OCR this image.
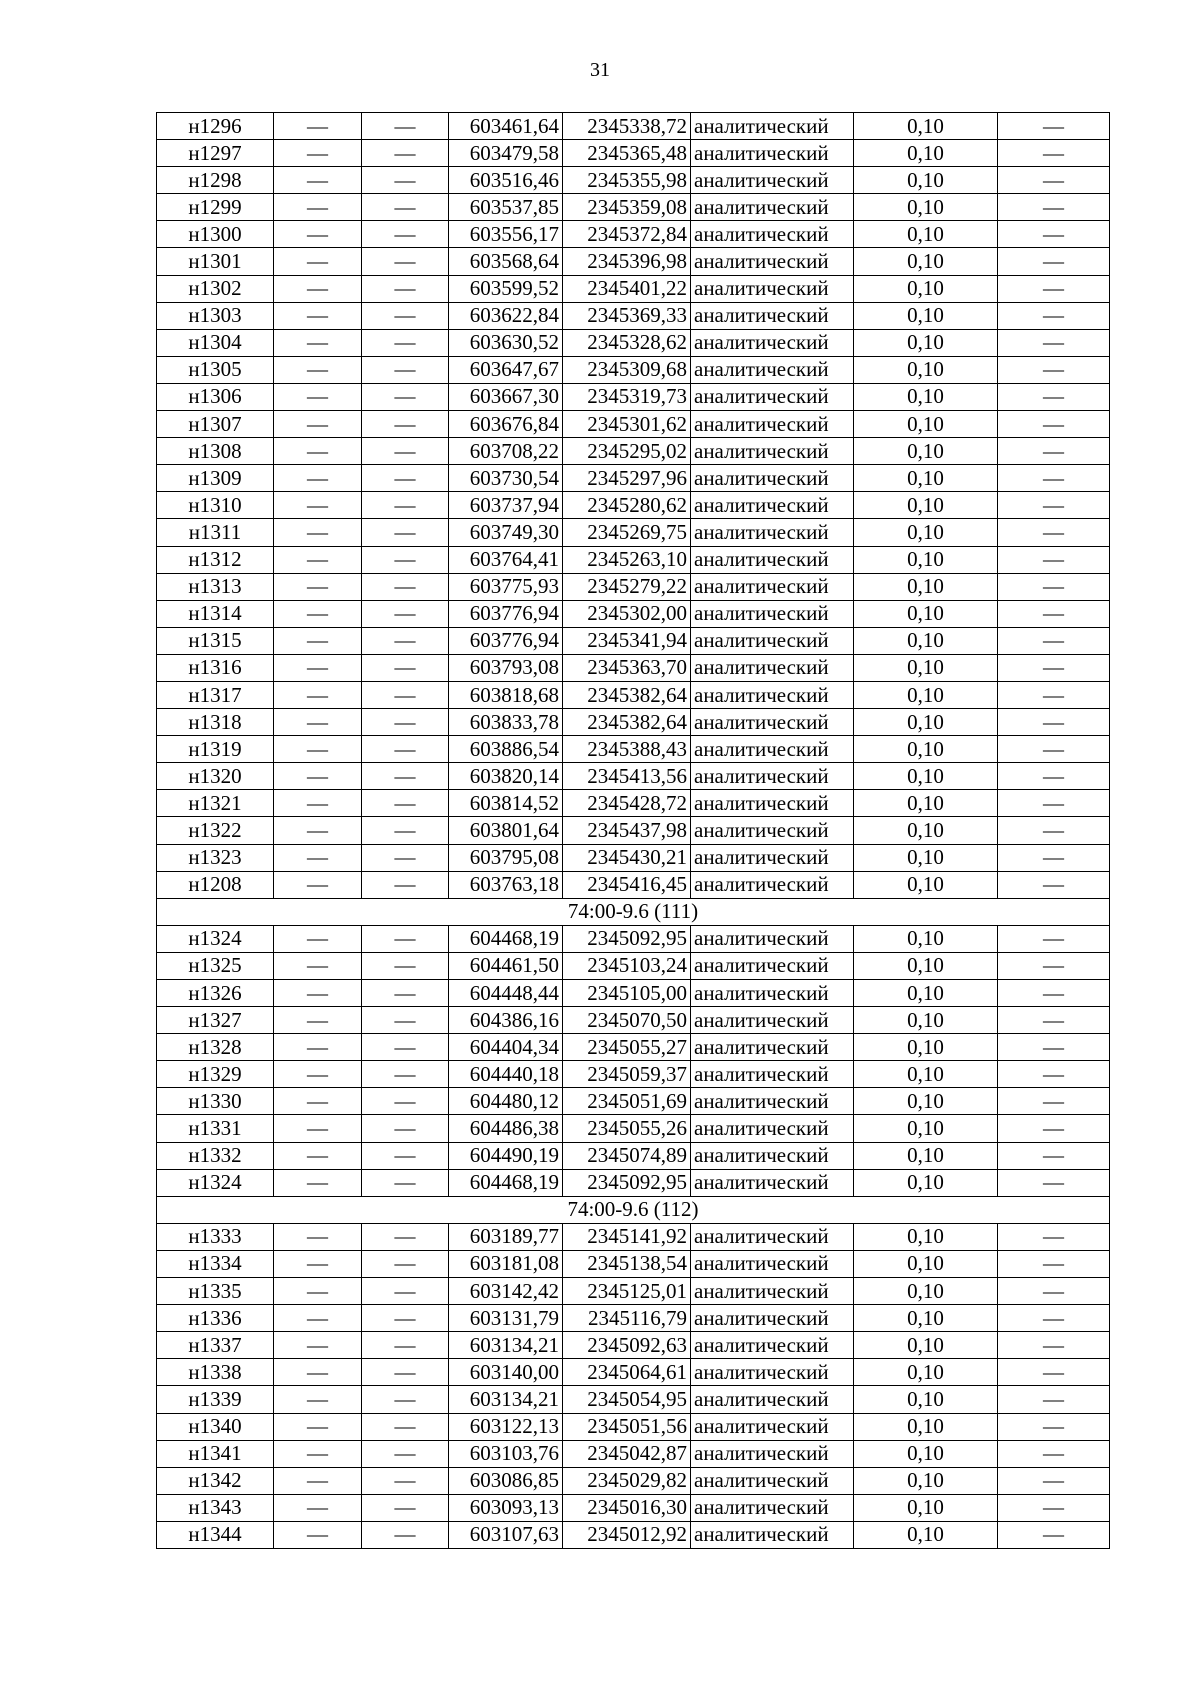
31
н1296	—	—	603461,64	2345338,72	аналитический	0,10	—
н1297	—	—	603479,58	2345365,48	аналитический	0,10	—
н1298	—	—	603516,46	2345355,98	аналитический	0,10	—
н1299	—	—	603537,85	2345359,08	аналитический	0,10	—
н1300	—	—	603556,17	2345372,84	аналитический	0,10	—
н1301	—	—	603568,64	2345396,98	аналитический	0,10	—
н1302	—	—	603599,52	2345401,22	аналитический	0,10	—
н1303	—	—	603622,84	2345369,33	аналитический	0,10	—
н1304	—	—	603630,52	2345328,62	аналитический	0,10	—
н1305	—	—	603647,67	2345309,68	аналитический	0,10	—
н1306	—	—	603667,30	2345319,73	аналитический	0,10	—
н1307	—	—	603676,84	2345301,62	аналитический	0,10	—
н1308	—	—	603708,22	2345295,02	аналитический	0,10	—
н1309	—	—	603730,54	2345297,96	аналитический	0,10	—
н1310	—	—	603737,94	2345280,62	аналитический	0,10	—
н1311	—	—	603749,30	2345269,75	аналитический	0,10	—
н1312	—	—	603764,41	2345263,10	аналитический	0,10	—
н1313	—	—	603775,93	2345279,22	аналитический	0,10	—
н1314	—	—	603776,94	2345302,00	аналитический	0,10	—
н1315	—	—	603776,94	2345341,94	аналитический	0,10	—
н1316	—	—	603793,08	2345363,70	аналитический	0,10	—
н1317	—	—	603818,68	2345382,64	аналитический	0,10	—
н1318	—	—	603833,78	2345382,64	аналитический	0,10	—
н1319	—	—	603886,54	2345388,43	аналитический	0,10	—
н1320	—	—	603820,14	2345413,56	аналитический	0,10	—
н1321	—	—	603814,52	2345428,72	аналитический	0,10	—
н1322	—	—	603801,64	2345437,98	аналитический	0,10	—
н1323	—	—	603795,08	2345430,21	аналитический	0,10	—
н1208	—	—	603763,18	2345416,45	аналитический	0,10	—
74:00-9.6 (111)							
н1324	—	—	604468,19	2345092,95	аналитический	0,10	—
н1325	—	—	604461,50	2345103,24	аналитический	0,10	—
н1326	—	—	604448,44	2345105,00	аналитический	0,10	—
н1327	—	—	604386,16	2345070,50	аналитический	0,10	—
н1328	—	—	604404,34	2345055,27	аналитический	0,10	—
н1329	—	—	604440,18	2345059,37	аналитический	0,10	—
н1330	—	—	604480,12	2345051,69	аналитический	0,10	—
н1331	—	—	604486,38	2345055,26	аналитический	0,10	—
н1332	—	—	604490,19	2345074,89	аналитический	0,10	—
н1324	—	—	604468,19	2345092,95	аналитический	0,10	—
74:00-9.6 (112)							
н1333	—	—	603189,77	2345141,92	аналитический	0,10	—
н1334	—	—	603181,08	2345138,54	аналитический	0,10	—
н1335	—	—	603142,42	2345125,01	аналитический	0,10	—
н1336	—	—	603131,79	2345116,79	аналитический	0,10	—
н1337	—	—	603134,21	2345092,63	аналитический	0,10	—
н1338	—	—	603140,00	2345064,61	аналитический	0,10	—
н1339	—	—	603134,21	2345054,95	аналитический	0,10	—
н1340	—	—	603122,13	2345051,56	аналитический	0,10	—
н1341	—	—	603103,76	2345042,87	аналитический	0,10	—
н1342	—	—	603086,85	2345029,82	аналитический	0,10	—
н1343	—	—	603093,13	2345016,30	аналитический	0,10	—
н1344	—	—	603107,63	2345012,92	аналитический	0,10	—
